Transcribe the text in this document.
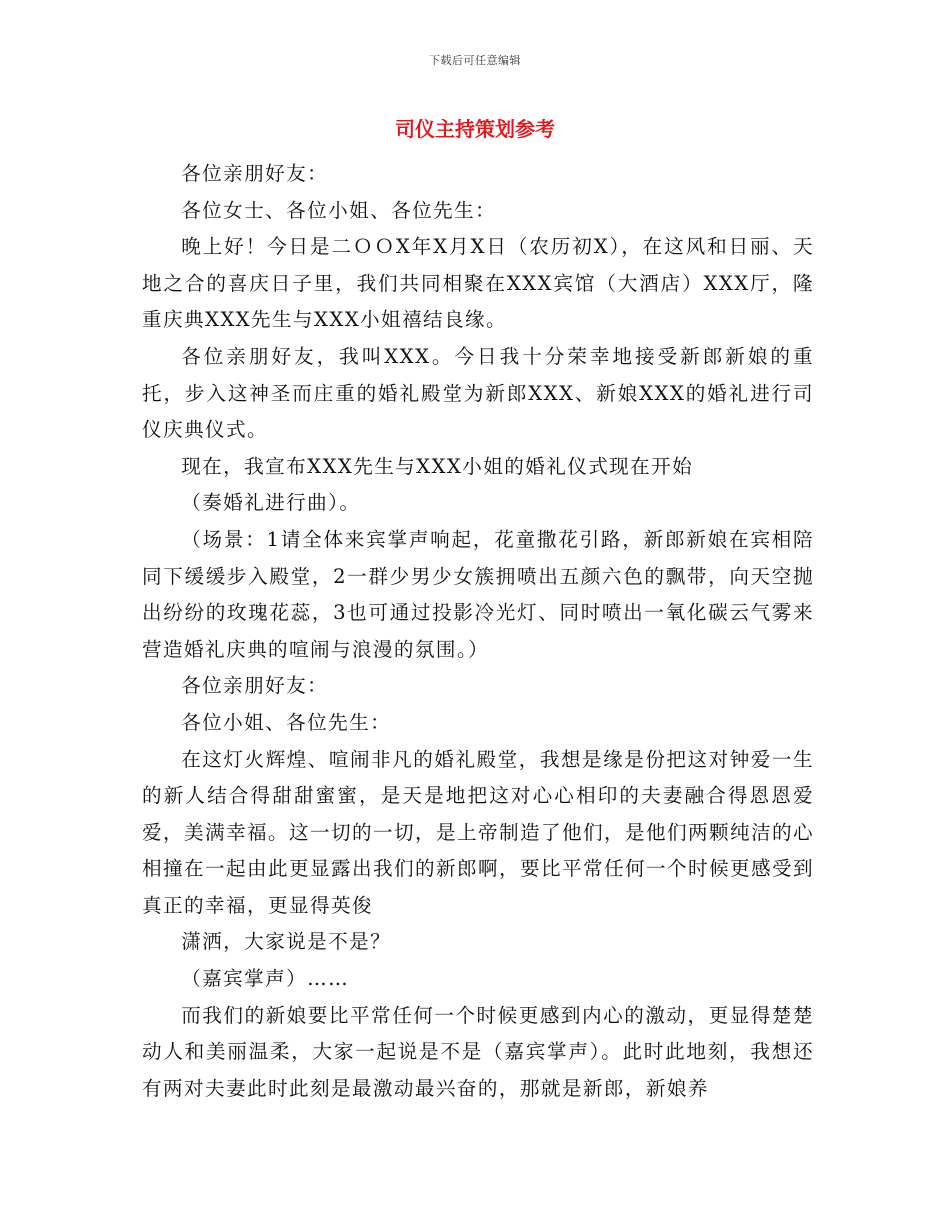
下载后可任意编辑
司仪主持策划参考

各位亲朋好友：

各位女士、各位小姐、各位先生：

晚上好！今日是二ＯＯX年X月X日（农历初X），在这风和日丽、天地之合的喜庆日子里，我们共同相聚在XXX宾馆（大酒店）XXX厅，隆重庆典XXX先生与XXX小姐禧结良缘。

各位亲朋好友，我叫XXX。今日我十分荣幸地接受新郎新娘的重托，步入这神圣而庄重的婚礼殿堂为新郎XXX、新娘XXX的婚礼进行司仪庆典仪式。

现在，我宣布XXX先生与XXX小姐的婚礼仪式现在开始

（奏婚礼进行曲）。

（场景：1请全体来宾掌声响起，花童撒花引路，新郎新娘在宾相陪同下缓缓步入殿堂，2一群少男少女簇拥喷出五颜六色的飘带，向天空抛出纷纷的玫瑰花蕊，3也可通过投影冷光灯、同时喷出一氧化碳云气雾来营造婚礼庆典的喧闹与浪漫的氛围。）

各位亲朋好友：

各位小姐、各位先生：

在这灯火辉煌、喧闹非凡的婚礼殿堂，我想是缘是份把这对钟爱一生的新人结合得甜甜蜜蜜，是天是地把这对心心相印的夫妻融合得恩恩爱爱，美满幸福。这一切的一切，是上帝制造了他们，是他们两颗纯洁的心相撞在一起由此更显露出我们的新郎啊，要比平常任何一个时候更感受到真正的幸福，更显得英俊

潇洒，大家说是不是？

（嘉宾掌声）……

而我们的新娘要比平常任何一个时候更感到内心的激动，更显得楚楚动人和美丽温柔，大家一起说是不是（嘉宾掌声）。此时此地刻，我想还有两对夫妻此时此刻是最激动最兴奋的，那就是新郎，新娘养
